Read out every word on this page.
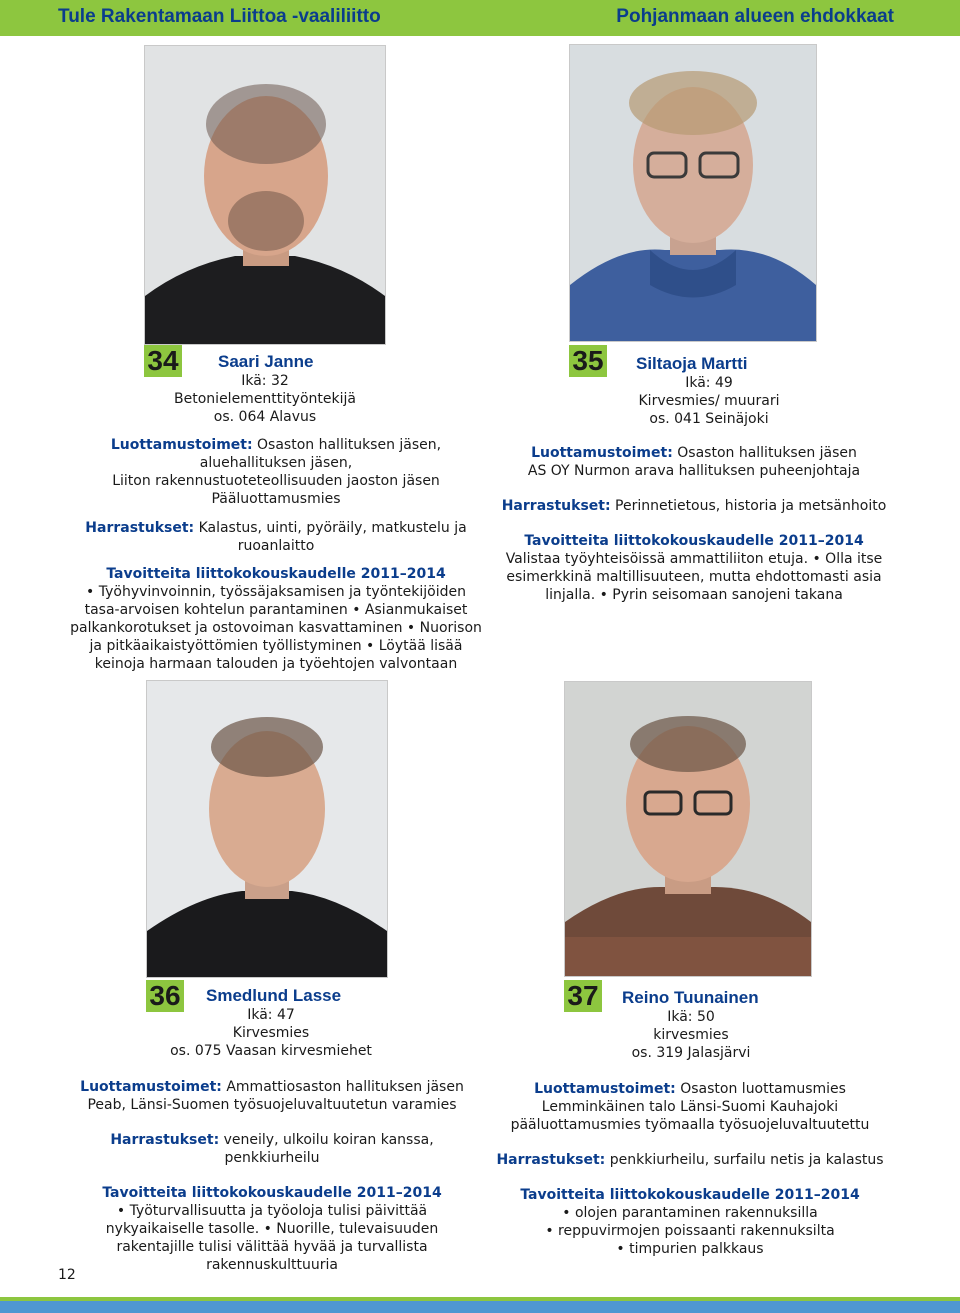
Tule Rakentamaan Liittoa -vaaliliitto	Pohjanmaan alueen ehdokkaat
34 Saari Janne
Ikä: 32
Betonielementtityöntekijä
os. 064 Alavus
Luottamustoimet: Osaston hallituksen jäsen,
aluehallituksen jäsen,
Liiton rakennustuoteteollisuuden jaoston jäsen
Pääluottamusmies
Harrastukset: Kalastus, uinti, pyöräily, matkustelu ja
ruoanlaitto
Tavoitteita liittokokouskaudelle 2011–2014
• Työhyvinvoinnin, työssäjaksamisen ja työntekijöiden
tasa-arvoisen kohtelun parantaminen • Asianmukaiset
palkankorotukset ja ostovoiman kasvattaminen • Nuorison
ja pitkäaikaistyöttömien työllistyminen • Löytää lisää
keinoja harmaan talouden ja työehtojen valvontaan
35 Siltaoja Martti
Ikä: 49
Kirvesmies/ muurari
os. 041 Seinäjoki
Luottamustoimet: Osaston hallituksen jäsen
AS OY Nurmon arava hallituksen puheenjohtaja
Harrastukset: Perinnetietous, historia ja metsänhoito
Tavoitteita liittokokouskaudelle 2011–2014
Valistaa työyhteisöissä ammattiliiton etuja. • Olla itse
esimerkkinä maltillisuuteen, mutta ehdottomasti asia
linjalla. • Pyrin seisomaan sanojeni takana
36 Smedlund Lasse
Ikä: 47
Kirvesmies
os. 075 Vaasan kirvesmiehet
Luottamustoimet: Ammattiosaston hallituksen jäsen
Peab, Länsi-Suomen työsuojeluvaltuutetun varamies
Harrastukset: veneily, ulkoilu koiran kanssa,
penkkiurheilu
Tavoitteita liittokokouskaudelle 2011–2014
• Työturvallisuutta ja työoloja tulisi päivittää
nykyaikaiselle tasolle. • Nuorille, tulevaisuuden
rakentajille tulisi välittää hyvää ja turvallista
rakennuskulttuuria
37 Reino Tuunainen
Ikä: 50
kirvesmies
os. 319 Jalasjärvi
Luottamustoimet: Osaston luottamusmies
Lemminkäinen talo Länsi-Suomi Kauhajoki
pääluottamusmies työmaalla työsuojeluvaltuutettu
Harrastukset: penkkiurheilu, surfailu netis ja kalastus
Tavoitteita liittokokouskaudelle 2011–2014
• olojen parantaminen rakennuksilla
• reppuvirmojen poissaanti rakennuksilta
• timpurien palkkaus
12
